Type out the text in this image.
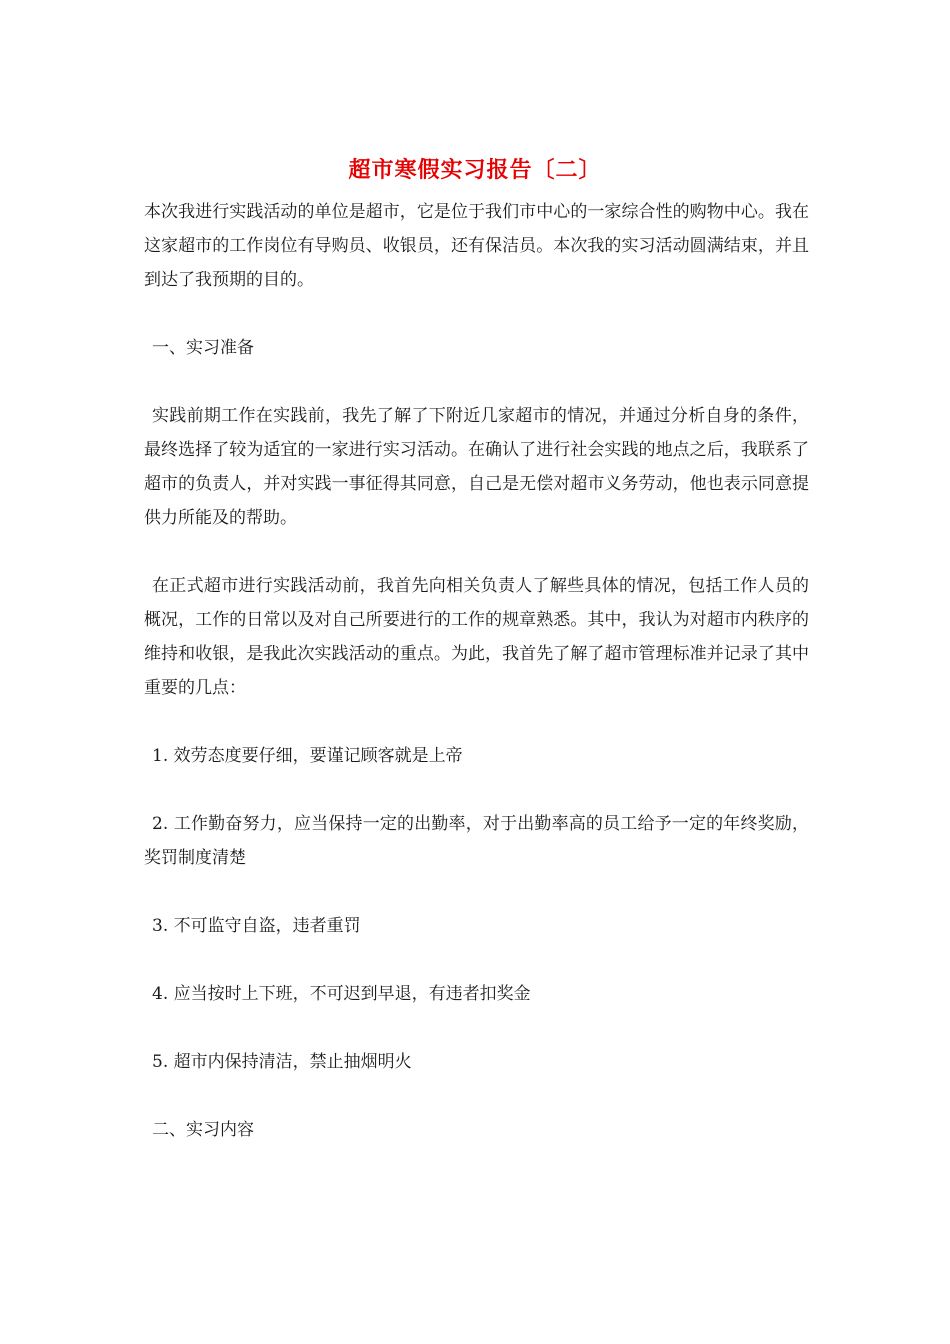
超市寒假实习报告〔二〕

本次我进行实践活动的单位是超市，它是位于我们市中心的一家综合性的购物中心。我在这家超市的工作岗位有导购员、收银员，还有保洁员。本次我的实习活动圆满结束，并且到达了我预期的目的。

一、实习准备

实践前期工作在实践前，我先了解了下附近几家超市的情况，并通过分析自身的条件，最终选择了较为适宜的一家进行实习活动。在确认了进行社会实践的地点之后，我联系了超市的负责人，并对实践一事征得其同意，自己是无偿对超市义务劳动，他也表示同意提供力所能及的帮助。

在正式超市进行实践活动前，我首先向相关负责人了解些具体的情况，包括工作人员的概况，工作的日常以及对自己所要进行的工作的规章熟悉。其中，我认为对超市内秩序的维持和收银，是我此次实践活动的重点。为此，我首先了解了超市管理标准并记录了其中重要的几点：

1. 效劳态度要仔细，要谨记顾客就是上帝

2. 工作勤奋努力，应当保持一定的出勤率，对于出勤率高的员工给予一定的年终奖励，奖罚制度清楚

3. 不可监守自盗，违者重罚

4. 应当按时上下班，不可迟到早退，有违者扣奖金

5. 超市内保持清洁，禁止抽烟明火

二、实习内容
